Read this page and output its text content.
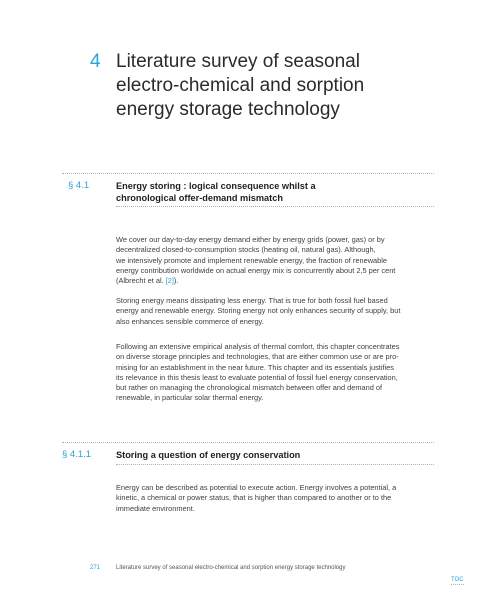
4 Literature survey of seasonal
electro-chemical and sorption
energy storage technology
§ 4.1	Energy storing : logical consequence whilst a
chronological offer-demand mismatch
We cover our day-to-day energy demand either by energy grids (power, gas) or by
decentralized closed-to-consumption stocks (heating oil, natural gas). Although,
we intensively promote and implement renewable energy, the fraction of renewable
energy contribution worldwide on actual energy mix is concurrently about 2,5 per cent
(Albrecht et al. [2]).
Storing energy means dissipating less energy. That is true for both fossil fuel based
energy and renewable energy. Storing energy not only enhances security of supply, but
also enhances sensible commerce of energy.
Following an extensive empirical analysis of thermal comfort, this chapter concentrates
on diverse storage principles and technologies, that are either common use or are pro-
mising for an establishment in the near future. This chapter and its essentials justifies
its relevance in this thesis least to evaluate potential of fossil fuel energy conservation,
but rather on managing the chronological mismatch between offer and demand of
renewable, in particular solar thermal energy.
§ 4.1.1	Storing a question of energy conservation
Energy can be described as potential to execute action. Energy involves a potential, a
kinetic, a chemical or power status, that is higher than compared to another or to the
immediate environment.
271	Literature survey of seasonal electro-chemical and sorption energy storage technology
TOC
